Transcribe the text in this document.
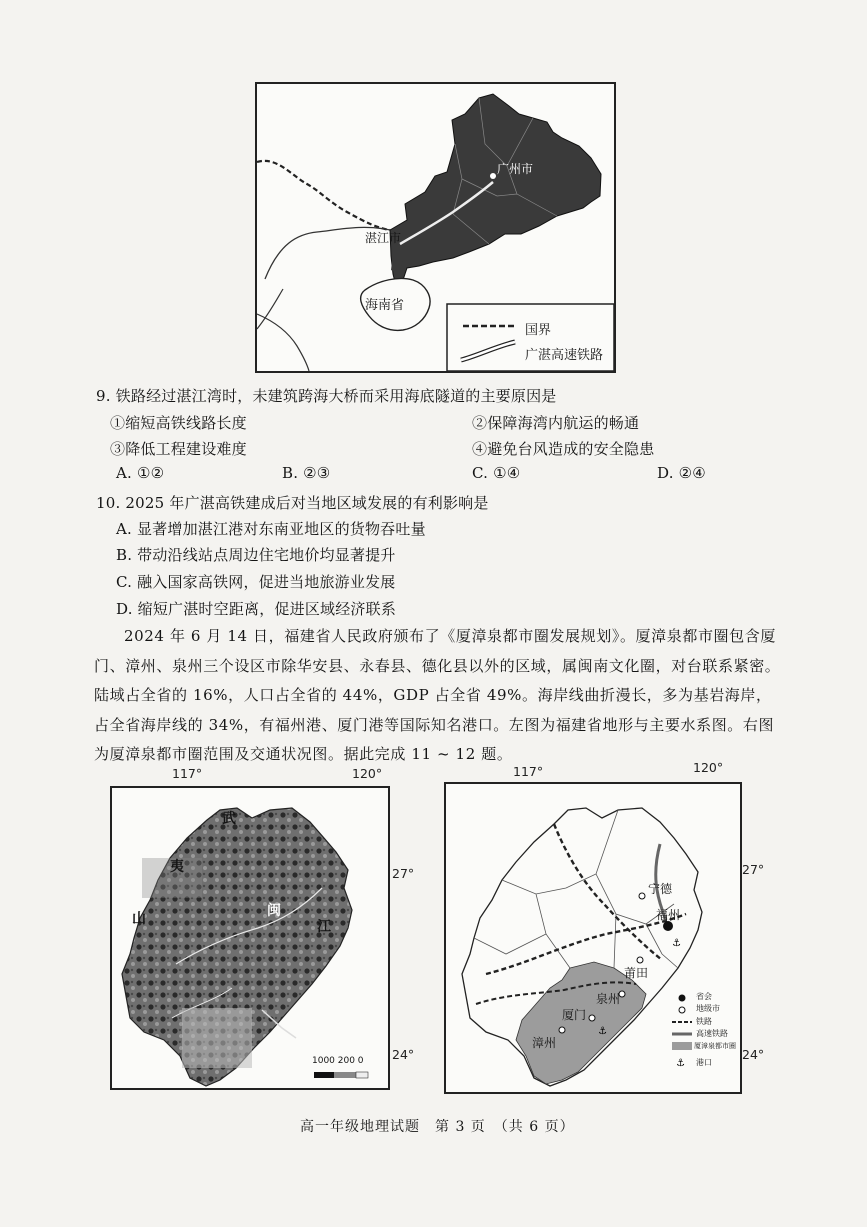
广州市
湛江市
海南省
国界
广湛高速铁路
9. 铁路经过湛江湾时，未建筑跨海大桥而采用海底隧道的主要原因是
①缩短高铁线路长度	②保障海湾内航运的畅通
③降低工程建设难度	④避免台风造成的安全隐患
A. ①②	B. ②③	C. ①④	D. ②④
10. 2025 年广湛高铁建成后对当地区域发展的有利影响是
A. 显著增加湛江港对东南亚地区的货物吞吐量
B. 带动沿线站点周边住宅地价均显著提升
C. 融入国家高铁网，促进当地旅游业发展
D. 缩短广湛时空距离，促进区域经济联系
2024 年 6 月 14 日，福建省人民政府颁布了《厦漳泉都市圈发展规划》。厦漳泉都市圈包含厦门、漳州、泉州三个设区市除华安县、永春县、德化县以外的区域，属闽南文化圈，对台联系紧密。陆域占全省的 16%，人口占全省的 44%，GDP 占全省 49%。海岸线曲折漫长，多为基岩海岸，占全省海岸线的 34%，有福州港、厦门港等国际知名港口。左图为福建省地形与主要水系图。右图为厦漳泉都市圈范围及交通状况图。据此完成 11 ~ 12 题。
117°	120°
武
夷
山	闽
江
1000 200 0
27°
24°
117°	120°
⚓
⚓
⚓
宁德
福州
莆田
泉州
厦门
漳州
省会
地级市
铁路
高速铁路
厦漳泉都市圈
港口
27°
24°
高一年级地理试题　第 3 页　（共 6 页）
